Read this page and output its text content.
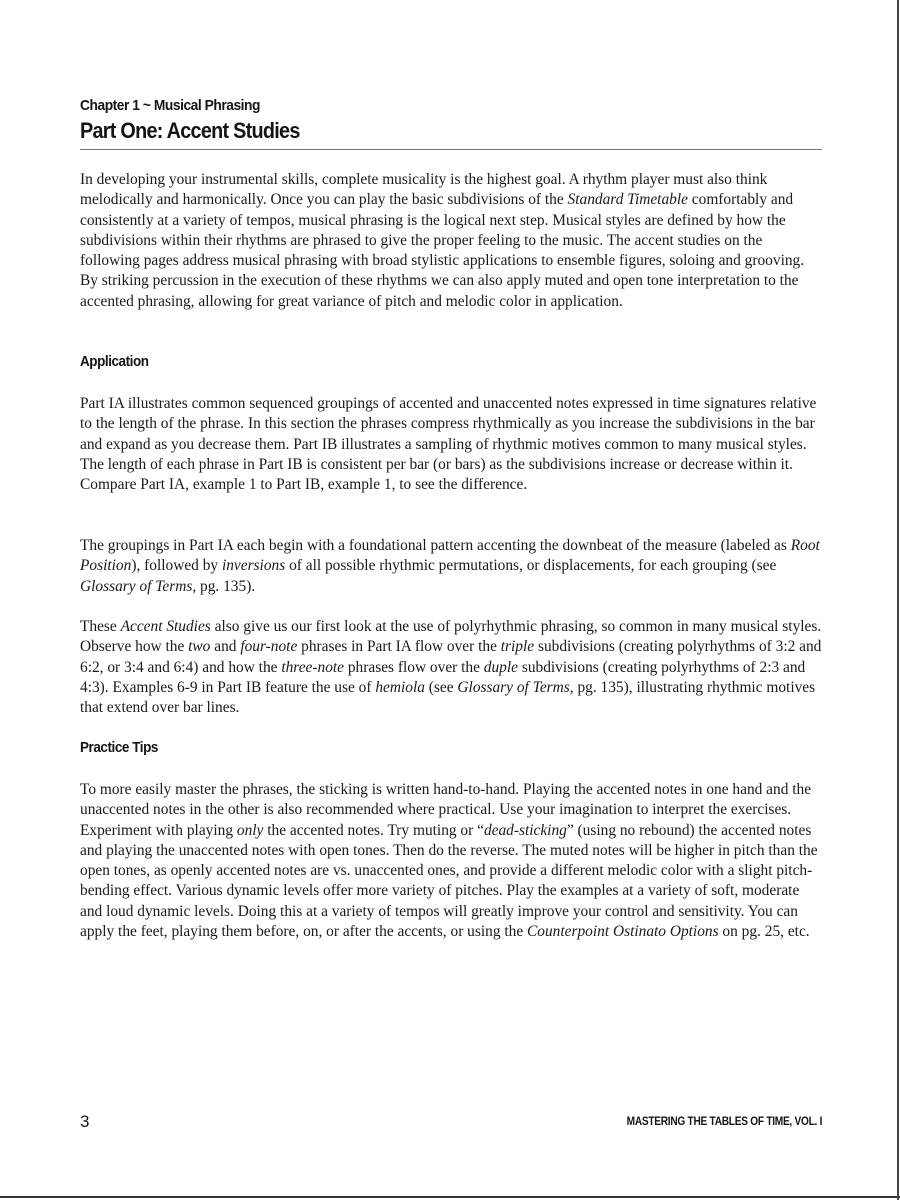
Chapter 1 ~ Musical Phrasing
Part One: Accent Studies

In developing your instrumental skills, complete musicality is the highest goal. A rhythm player must also think melodically and harmonically. Once you can play the basic subdivisions of the Standard Timetable comfortably and consistently at a variety of tempos, musical phrasing is the logical next step. Musical styles are defined by how the subdivisions within their rhythms are phrased to give the proper feeling to the music. The accent studies on the following pages address musical phrasing with broad stylistic applications to ensemble figures, soloing and grooving. By striking percussion in the execution of these rhythms we can also apply muted and open tone interpretation to the accented phrasing, allowing for great variance of pitch and melodic color in application.

Application

Part IA illustrates common sequenced groupings of accented and unaccented notes expressed in time signatures relative to the length of the phrase. In this section the phrases compress rhythmically as you increase the subdivisions in the bar and expand as you decrease them. Part IB illustrates a sampling of rhythmic motives common to many musical styles. The length of each phrase in Part IB is consistent per bar (or bars) as the subdivisions increase or decrease within it. Compare Part IA, example 1 to Part IB, example 1, to see the difference.

The groupings in Part IA each begin with a foundational pattern accenting the downbeat of the measure (labeled as Root Position), followed by inversions of all possible rhythmic permutations, or displacements, for each grouping (see Glossary of Terms, pg. 135).

These Accent Studies also give us our first look at the use of polyrhythmic phrasing, so common in many musical styles. Observe how the two and four-note phrases in Part IA flow over the triple subdivisions (creating polyrhythms of 3:2 and 6:2, or 3:4 and 6:4) and how the three-note phrases flow over the duple subdivisions (creating polyrhythms of 2:3 and 4:3). Examples 6-9 in Part IB feature the use of hemiola (see Glossary of Terms, pg. 135), illustrating rhythmic motives that extend over bar lines.

Practice Tips

To more easily master the phrases, the sticking is written hand-to-hand. Playing the accented notes in one hand and the unaccented notes in the other is also recommended where practical. Use your imagination to interpret the exercises. Experiment with playing only the accented notes. Try muting or “dead-sticking” (using no rebound) the accented notes and playing the unaccented notes with open tones. Then do the reverse. The muted notes will be higher in pitch than the open tones, as openly accented notes are vs. unaccented ones, and provide a different melodic color with a slight pitch-bending effect. Various dynamic levels offer more variety of pitches. Play the examples at a variety of soft, moderate and loud dynamic levels. Doing this at a variety of tempos will greatly improve your control and sensitivity. You can apply the feet, playing them before, on, or after the accents, or using the Counterpoint Ostinato Options on pg. 25, etc.

3	MASTERING THE TABLES OF TIME, VOL. I
